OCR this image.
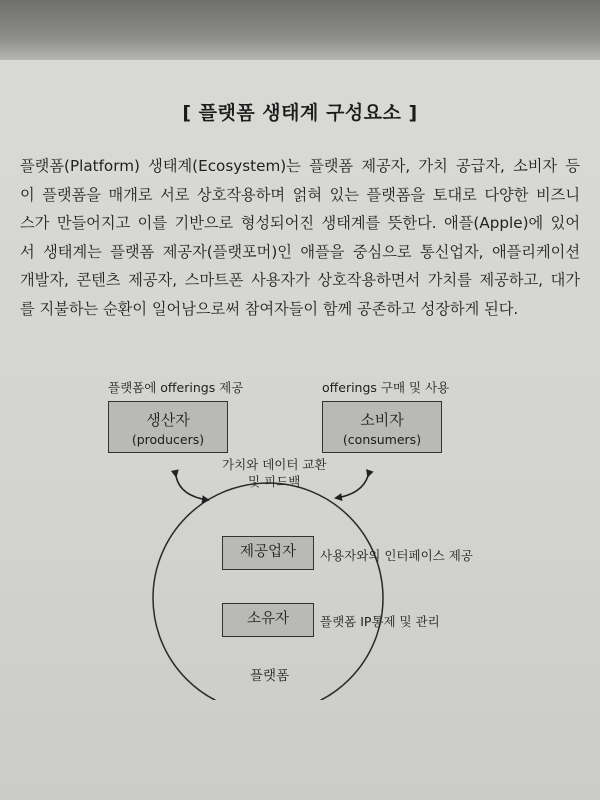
[ 플랫폼 생태계 구성요소 ]
플랫폼(Platform) 생태계(Ecosystem)는 플랫폼 제공자, 가치 공급자, 소비자 등
이 플랫폼을 매개로 서로 상호작용하며 얽혀 있는 플랫폼을 토대로 다양한 비즈니
스가 만들어지고 이를 기반으로 형성되어진 생태계를 뜻한다. 애플(Apple)에 있어
서 생태계는 플랫폼 제공자(플랫포머)인 애플을 중심으로 통신업자, 애플리케이션
개발자, 콘텐츠 제공자, 스마트폰 사용자가 상호작용하면서 가치를 제공하고, 대가
를 지불하는 순환이 일어남으로써 참여자들이 함께 공존하고 성장하게 된다.
플랫폼에 offerings 제공
생산자
(producers)
offerings 구매 및 사용
소비자
(consumers)
가치와 데이터 교환
및 피드백
제공업자	사용자와의 인터페이스 제공
소유자	플랫폼 IP통제 및 관리
플랫폼
